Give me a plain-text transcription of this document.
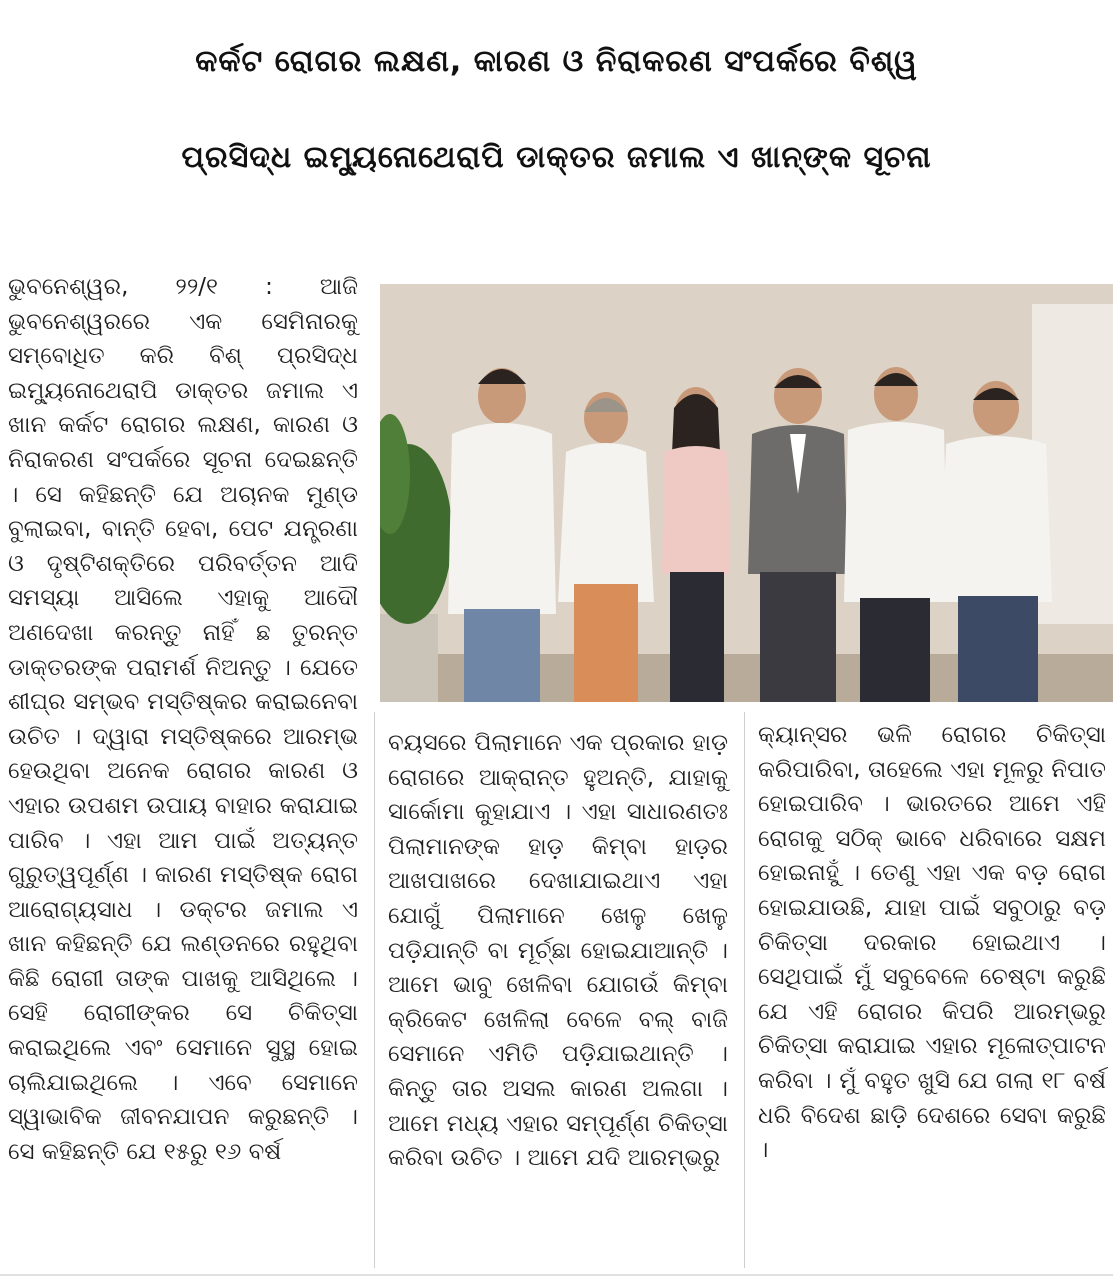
କର୍କଟ ରୋଗର ଲକ୍ଷଣ, କାରଣ ଓ ନିରାକରଣ ସଂପର୍କରେ ବିଶ୍ୱ
ପ୍ରସିଦ୍ଧ ଇମ୍ୟୁନୋଥେରାପି ଡାକ୍ତର ଜମାଲ ଏ ଖାନ୍‌ଙ୍କ ସୂଚନା

ଭୁବନେଶ୍ୱର, ୨୨/୧ : ଆଜି ଭୁବନେଶ୍ୱରରେ ଏକ ସେମିନାରକୁ ସମ୍ବୋଧିତ କରି ବିଶ୍ ପ୍ରସିଦ୍ଧ ଇମ୍ୟୁନୋଥେରାପି ଡାକ୍ତର ଜମାଲ ଏ ଖାନ କର୍କଟ ରୋଗର ଲକ୍ଷଣ, କାରଣ ଓ ନିରାକରଣ ସଂପର୍କରେ ସୂଚନା ଦେଇଛନ୍ତି । ସେ କହିଛନ୍ତି ଯେ ଅଚାନକ ମୁଣ୍ଡ ବୁଲାଇବା, ବାନ୍ତି ହେବା, ପେଟ ଯନ୍ତ୍ରଣା ଓ ଦୃଷ୍ଟିଶକ୍ତିରେ ପରିବର୍ତ୍ତନ ଆଦି ସମସ୍ୟା ଆସିଲେ ଏହାକୁ ଆଦୌ ଅଣଦେଖା କରନ୍ତୁ ନାହିଁ ଛ ତୁରନ୍ତ ଡାକ୍ତରଙ୍କ ପରାମର୍ଶ ନିଅନ୍ତୁ । ଯେତେ ଶୀଘ୍ର ସମ୍ଭବ ମସ୍ତିଷ୍କର କରାଇନେବା ଉଚିତ । ଦ୍ୱାରା ମସ୍ତିଷ୍କରେ ଆରମ୍ଭ ହେଉଥିବା ଅନେକ ରୋଗର କାରଣ ଓ ଏହାର ଉପଶମ ଉପାୟ ବାହାର କରାଯାଇ ପାରିବ । ଏହା ଆମ ପାଇଁ ଅତ୍ୟନ୍ତ ଗୁରୁତ୍ୱପୂର୍ଣ୍ଣ । କାରଣ ମସ୍ତିଷ୍କ ରୋଗ ଆରୋଗ୍ୟସାଧ । ଡକ୍ଟର ଜମାଲ ଏ ଖାନ କହିଛନ୍ତି ଯେ ଲଣ୍ଡନରେ ରହୁଥିବା କିଛି ରୋଗୀ ତାଙ୍କ ପାଖକୁ ଆସିଥିଲେ । ସେହି ରୋଗୀଙ୍କର ସେ ଚିକିତ୍ସା କରାଇଥିଲେ ଏବଂ ସେମାନେ ସୁସ୍ଥ ହୋଇ ଚାଲିଯାଇଥିଲେ । ଏବେ ସେମାନେ ସ୍ୱାଭାବିକ ଜୀବନଯାପନ କରୁଛନ୍ତି । ସେ କହିଛନ୍ତି ଯେ ୧୫ରୁ ୧୬ ବର୍ଷ

ବୟସରେ ପିଲାମାନେ ଏକ ପ୍ରକାର ହାଡ଼ ରୋଗରେ ଆକ୍ରାନ୍ତ ହୁଅନ୍ତି, ଯାହାକୁ ସାର୍କୋମା କୁହାଯାଏ । ଏହା ସାଧାରଣତଃ ପିଲାମାନଙ୍କ ହାଡ଼ କିମ୍ବା ହାଡ଼ର ଆଖପାଖରେ ଦେଖାଯାଇଥାଏ ଏହା ଯୋଗୁଁ ପିଲାମାନେ ଖେଳୁ ଖେଳୁ ପଡ଼ିଯାନ୍ତି ବା ମୂର୍ଚ୍ଛା ହୋଇଯାଆନ୍ତି । ଆମେ ଭାବୁ ଖେଳିବା ଯୋଗଉଁ କିମ୍ବା କ୍ରିକେଟ ଖେଳିଲା ବେଳେ ବଲ୍ ବାଜି ସେମାନେ ଏମିତି ପଡ଼ିଯାଇଥାନ୍ତି । କିନ୍ତୁ ତାର ଅସଲ କାରଣ ଅଲଗା । ଆମେ ମଧ୍ୟ ଏହାର ସମ୍ପୂର୍ଣ୍ଣ ଚିକିତ୍ସା କରିବା ଉଚିତ । ଆମେ ଯଦି ଆରମ୍ଭରୁ

କ୍ୟାନ୍ସର ଭଳି ରୋଗର ଚିକିତ୍ସା କରିପାରିବା, ତାହେଲେ ଏହା ମୂଳରୁ ନିପାତ ହୋଇପାରିବ । ଭାରତରେ ଆମେ ଏହି ରୋଗକୁ ସଠିକ୍ ଭାବେ ଧରିବାରେ ସକ୍ଷମ ହୋଇନାହୁଁ । ତେଣୁ ଏହା ଏକ ବଡ଼ ରୋଗ ହୋଇଯାଉଛି, ଯାହା ପାଇଁ ସବୁଠାରୁ ବଡ଼ ଚିକିତ୍ସା ଦରକାର ହୋଇଥାଏ । ସେଥିପାଇଁ ମୁଁ ସବୁବେଳେ ଚେଷ୍ଟା କରୁଛି ଯେ ଏହି ରୋଗର କିପରି ଆରମ୍ଭରୁ ଚିକିତ୍ସା କରାଯାଇ ଏହାର ମୂଳୋତ୍ପାଟନ କରିବା । ମୁଁ ବହୁତ ଖୁସି ଯେ ଗଲା ୧୮ ବର୍ଷ ଧରି ବିଦେଶ ଛାଡ଼ି ଦେଶରେ ସେବା କରୁଛି ।
